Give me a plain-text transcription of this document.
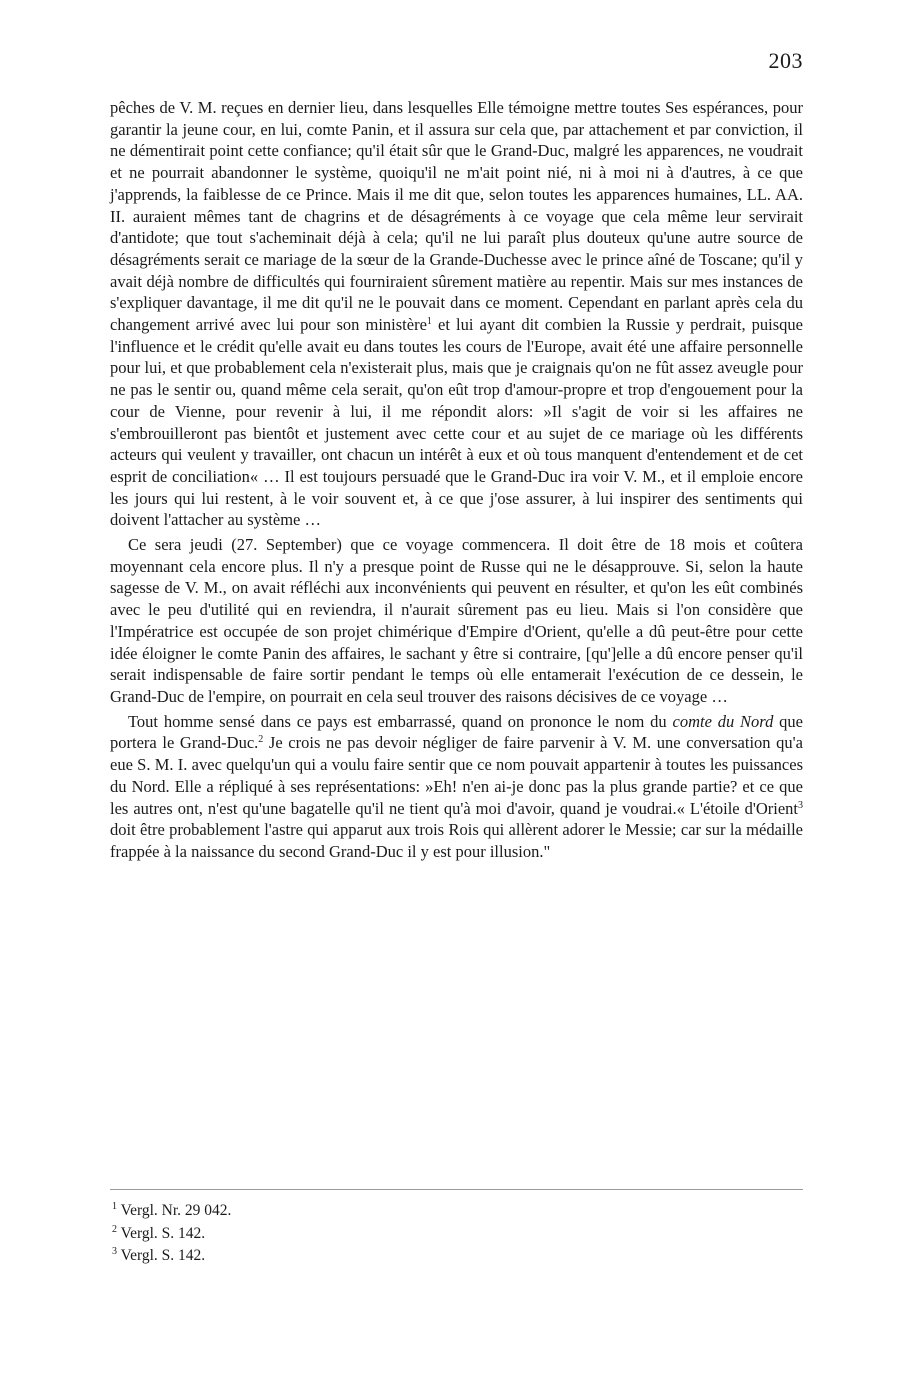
203

pêches de V. M. reçues en dernier lieu, dans lesquelles Elle témoigne mettre toutes Ses espérances, pour garantir la jeune cour, en lui, comte Panin, et il assura sur cela que, par attachement et par conviction, il ne démentirait point cette confiance; qu'il était sûr que le Grand-Duc, malgré les apparences, ne voudrait et ne pourrait abandonner le système, quoiqu'il ne m'ait point nié, ni à moi ni à d'autres, à ce que j'apprends, la faiblesse de ce Prince. Mais il me dit que, selon toutes les apparences humaines, LL. AA. II. auraient mêmes tant de chagrins et de désagréments à ce voyage que cela même leur servirait d'antidote; que tout s'acheminait déjà à cela; qu'il ne lui paraît plus douteux qu'une autre source de désagréments serait ce mariage de la sœur de la Grande-Duchesse avec le prince aîné de Toscane; qu'il y avait déjà nombre de difficultés qui fourniraient sûrement matière au repentir. Mais sur mes instances de s'expliquer davantage, il me dit qu'il ne le pouvait dans ce moment. Cependant en parlant après cela du changement arrivé avec lui pour son ministère$^1$ et lui ayant dit combien la Russie y perdrait, puisque l'influence et le crédit qu'elle avait eu dans toutes les cours de l'Europe, avait été une affaire personnelle pour lui, et que probablement cela n'existerait plus, mais que je craignais qu'on ne fût assez aveugle pour ne pas le sentir ou, quand même cela serait, qu'on eût trop d'amour-propre et trop d'engouement pour la cour de Vienne, pour revenir à lui, il me répondit alors: »Il s'agit de voir si les affaires ne s'embrouilleront pas bientôt et justement avec cette cour et au sujet de ce mariage où les différents acteurs qui veulent y travailler, ont chacun un intérêt à eux et où tous manquent d'entendement et de cet esprit de conciliation« … Il est toujours persuadé que le Grand-Duc ira voir V. M., et il emploie encore les jours qui lui restent, à le voir souvent et, à ce que j'ose assurer, à lui inspirer des sentiments qui doivent l'attacher au système …

Ce sera jeudi (27. September) que ce voyage commencera. Il doit être de 18 mois et coûtera moyennant cela encore plus. Il n'y a presque point de Russe qui ne le désapprouve. Si, selon la haute sagesse de V. M., on avait réfléchi aux inconvénients qui peuvent en résulter, et qu'on les eût combinés avec le peu d'utilité qui en reviendra, il n'aurait sûrement pas eu lieu. Mais si l'on considère que l'Impératrice est occupée de son projet chimérique d'Empire d'Orient, qu'elle a dû peut-être pour cette idée éloigner le comte Panin des affaires, le sachant y être si contraire, [qu']elle a dû encore penser qu'il serait indispensable de faire sortir pendant le temps où elle entamerait l'exécution de ce dessein, le Grand-Duc de l'empire, on pourrait en cela seul trouver des raisons décisives de ce voyage …

Tout homme sensé dans ce pays est embarrassé, quand on prononce le nom du comte du Nord que portera le Grand-Duc.$^2$ Je crois ne pas devoir négliger de faire parvenir à V. M. une conversation qu'a eue S. M. I. avec quelqu'un qui a voulu faire sentir que ce nom pouvait appartenir à toutes les puissances du Nord. Elle a répliqué à ses représentations: »Eh! n'en ai-je donc pas la plus grande partie? et ce que les autres ont, n'est qu'une bagatelle qu'il ne tient qu'à moi d'avoir, quand je voudrai.« L'étoile d'Orient$^3$ doit être probablement l'astre qui apparut aux trois Rois qui allèrent adorer le Messie; car sur la médaille frappée à la naissance du second Grand-Duc il y est pour illusion."

$^1$ Vergl. Nr. 29 042.
$^2$ Vergl. S. 142.
$^3$ Vergl. S. 142.
